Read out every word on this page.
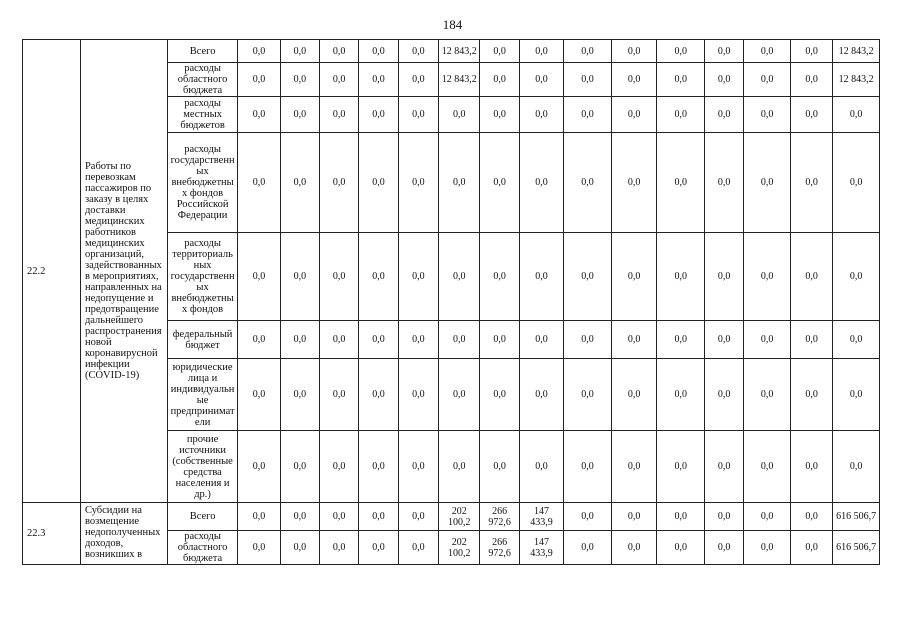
184
22.2	Работы по перевозкам пассажиров по заказу в целях доставки медицинских работников медицинских организаций, задействованных в мероприятиях, направленных на недопущение и предотвращение дальнейшего распространения новой коронавирусной инфекции (COVID-19)	Всего	0,0	0,0	0,0	0,0	0,0	12 843,2	0,0	0,0	0,0	0,0	0,0	0,0	0,0	0,0	12 843,2
		расходы областного бюджета	0,0	0,0	0,0	0,0	0,0	12 843,2	0,0	0,0	0,0	0,0	0,0	0,0	0,0	0,0	12 843,2
		расходы местных бюджетов	0,0	0,0	0,0	0,0	0,0	0,0	0,0	0,0	0,0	0,0	0,0	0,0	0,0	0,0	0,0
		расходы государственных внебюджетных фондов Российской Федерации	0,0	0,0	0,0	0,0	0,0	0,0	0,0	0,0	0,0	0,0	0,0	0,0	0,0	0,0	0,0
		расходы территориальных государственных внебюджетных фондов	0,0	0,0	0,0	0,0	0,0	0,0	0,0	0,0	0,0	0,0	0,0	0,0	0,0	0,0	0,0
		федеральный бюджет	0,0	0,0	0,0	0,0	0,0	0,0	0,0	0,0	0,0	0,0	0,0	0,0	0,0	0,0	0,0
		юридические лица и индивидуальные предприниматели	0,0	0,0	0,0	0,0	0,0	0,0	0,0	0,0	0,0	0,0	0,0	0,0	0,0	0,0	0,0
		прочие источники (собственные средства населения и др.)	0,0	0,0	0,0	0,0	0,0	0,0	0,0	0,0	0,0	0,0	0,0	0,0	0,0	0,0	0,0
22.3	Субсидии на возмещение недополученных доходов, возникших в	Всего	0,0	0,0	0,0	0,0	0,0	202 100,2	266 972,6	147 433,9	0,0	0,0	0,0	0,0	0,0	0,0	616 506,7
		расходы областного бюджета	0,0	0,0	0,0	0,0	0,0	202 100,2	266 972,6	147 433,9	0,0	0,0	0,0	0,0	0,0	0,0	616 506,7
